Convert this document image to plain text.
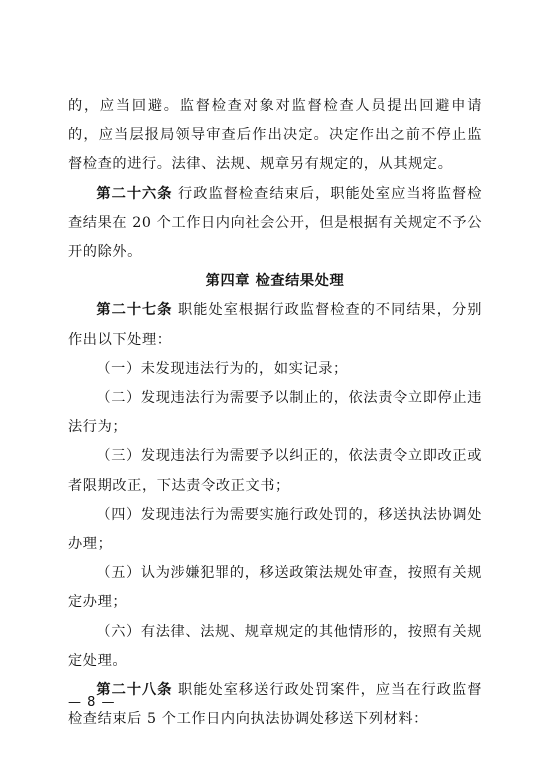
的，应当回避。监督检查对象对监督检查人员提出回避申请的，应当层报局领导审查后作出决定。决定作出之前不停止监督检查的进行。法律、法规、规章另有规定的，从其规定。

第二十六条 行政监督检查结束后，职能处室应当将监督检查结果在 20 个工作日内向社会公开，但是根据有关规定不予公开的除外。

第四章 检查结果处理

第二十七条 职能处室根据行政监督检查的不同结果，分别作出以下处理：

（一）未发现违法行为的，如实记录；

（二）发现违法行为需要予以制止的，依法责令立即停止违法行为；

（三）发现违法行为需要予以纠正的，依法责令立即改正或者限期改正，下达责令改正文书；

（四）发现违法行为需要实施行政处罚的，移送执法协调处办理；

（五）认为涉嫌犯罪的，移送政策法规处审查，按照有关规定办理；

（六）有法律、法规、规章规定的其他情形的，按照有关规定处理。

第二十八条 职能处室移送行政处罚案件，应当在行政监督检查结束后 5 个工作日内向执法协调处移送下列材料：

— 8 —
